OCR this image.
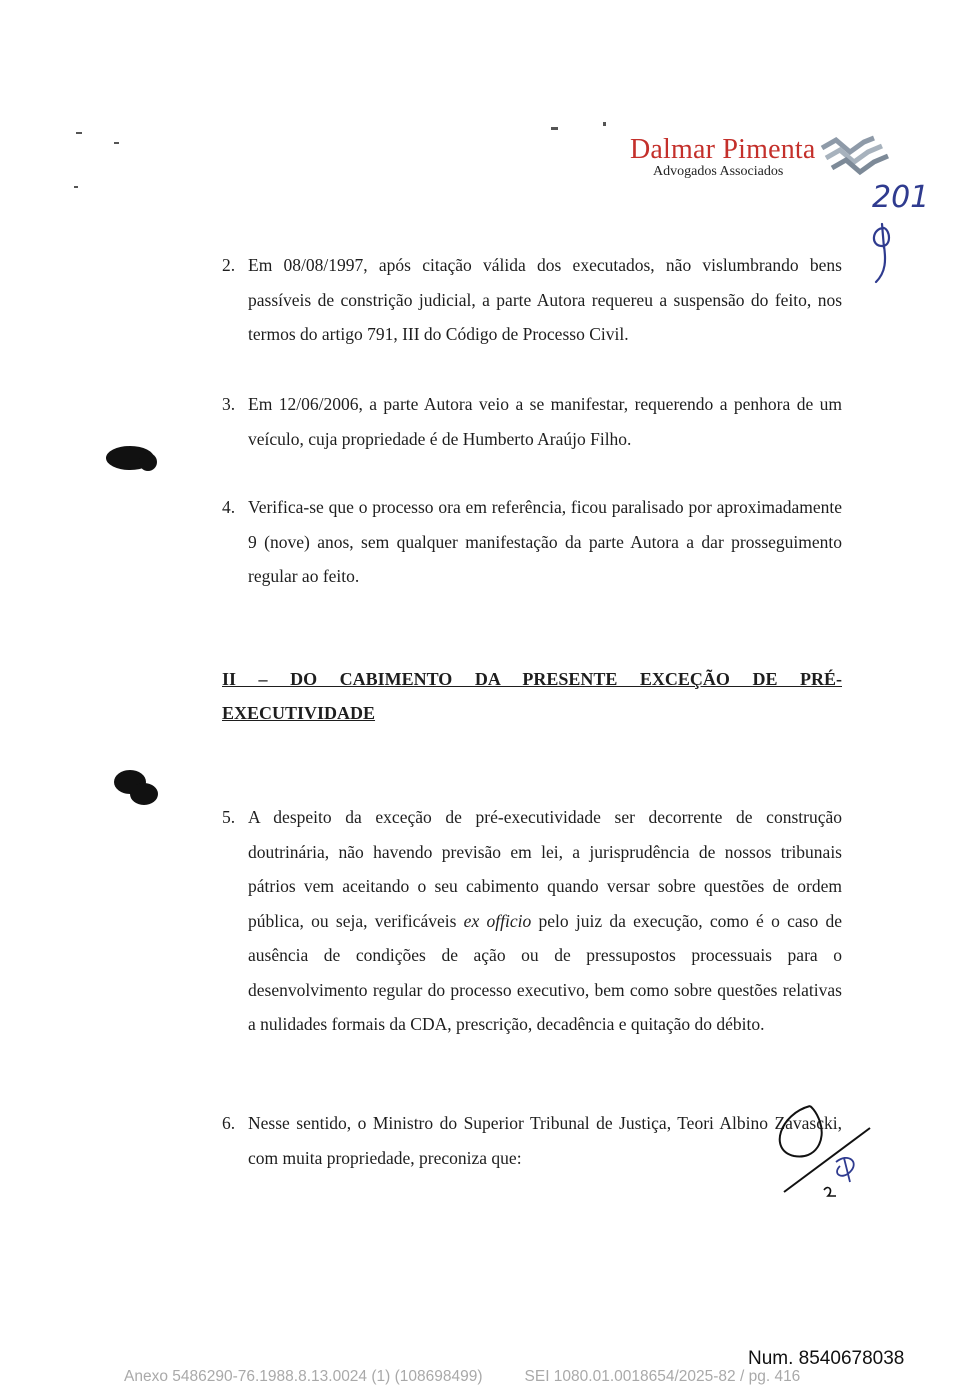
Dalmar Pimenta
Advogados Associados
201
2. Em 08/08/1997, após citação válida dos executados, não vislumbrando bens passíveis de constrição judicial, a parte Autora requereu a suspensão do feito, nos termos do artigo 791, III do Código de Processo Civil.
3. Em 12/06/2006, a parte Autora veio a se manifestar, requerendo a penhora de um veículo, cuja propriedade é de Humberto Araújo Filho.
4. Verifica-se que o processo ora em referência, ficou paralisado por aproximadamente 9 (nove) anos, sem qualquer manifestação da parte Autora a dar prosseguimento regular ao feito.
II – DO CABIMENTO DA PRESENTE EXCEÇÃO DE PRÉ-EXECUTIVIDADE
5. A despeito da exceção de pré-executividade ser decorrente de construção doutrinária, não havendo previsão em lei, a jurisprudência de nossos tribunais pátrios vem aceitando o seu cabimento quando versar sobre questões de ordem pública, ou seja, verificáveis ex officio pelo juiz da execução, como é o caso de ausência de condições de ação ou de pressupostos processuais para o desenvolvimento regular do processo executivo, bem como sobre questões relativas a nulidades formais da CDA, prescrição, decadência e quitação do débito.
6. Nesse sentido, o Ministro do Superior Tribunal de Justiça, Teori Albino Zavascki, com muita propriedade, preconiza que:
Num. 8540678038
Anexo 5486290-76.1988.8.13.0024 (1) (108698499)	SEI 1080.01.0018654/2025-82 / pg. 416
